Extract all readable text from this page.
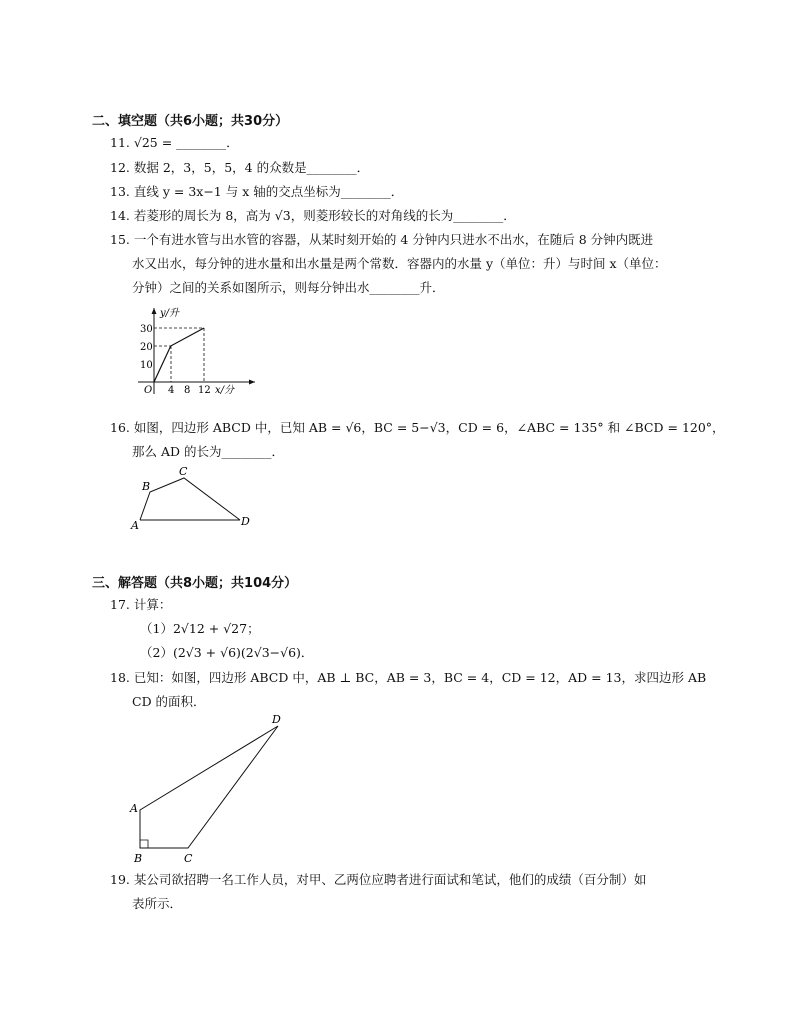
二、填空题（共6小题；共30分）
11. √25 = ________．
12. 数据 2，3，5，5，4 的众数是________．
13. 直线 y = 3x−1 与 x 轴的交点坐标为________．
14. 若菱形的周长为 8，高为 √3，则菱形较长的对角线的长为________．
15. 一个有进水管与出水管的容器，从某时刻开始的 4 分钟内只进水不出水，在随后 8 分钟内既进
水又出水，每分钟的进水量和出水量是两个常数．容器内的水量 y（单位：升）与时间 x（单位：
分钟）之间的关系如图所示，则每分钟出水________升．
y/升
x/分
O
10
20
30
4 8 12
16. 如图，四边形 ABCD 中，已知 AB = √6，BC = 5−√3，CD = 6，∠ABC = 135° 和 ∠BCD = 120°，
那么 AD 的长为________．
A
B
C
D
三、解答题（共8小题；共104分）
17. 计算：
（1）2√12 + √27；
（2）(2√3 + √6)(2√3−√6)．
18. 已知：如图，四边形 ABCD 中，AB ⊥ BC，AB = 3，BC = 4，CD = 12，AD = 13，求四边形 AB
CD 的面积．
A
B	C
D
19. 某公司欲招聘一名工作人员，对甲、乙两位应聘者进行面试和笔试，他们的成绩（百分制）如
表所示．
